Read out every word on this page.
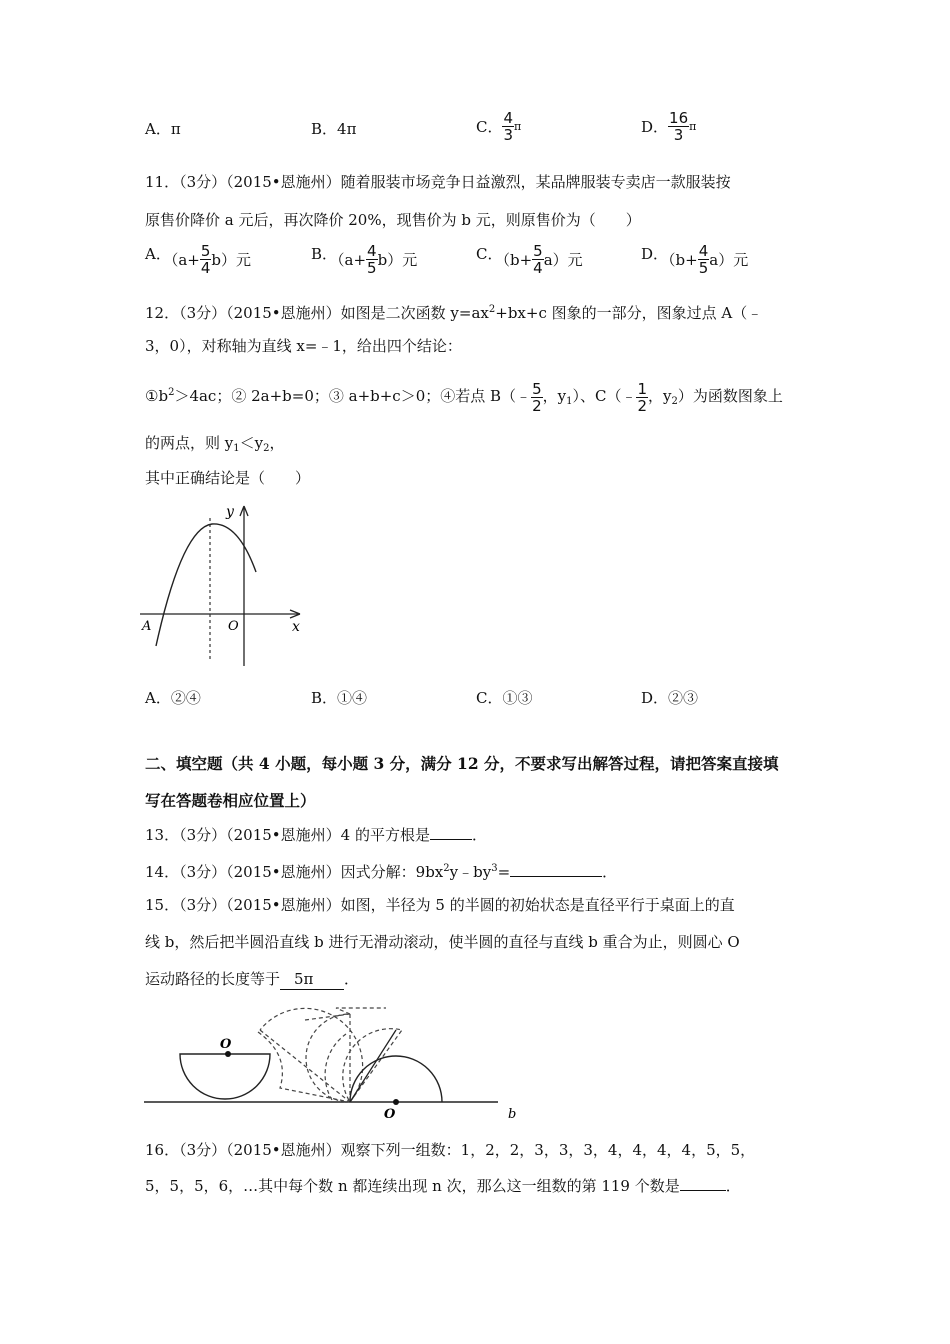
A．π	B．4π	C． $\frac{4}{3}$ π	D． $\frac{16}{3}$ π
11．（3分）（2015•恩施州）随着服装市场竞争日益激烈，某品牌服装专卖店一款服装按
原售价降价 a 元后，再次降价 20%，现售价为 b 元，则原售价为（　　）
A．$(a+ \frac{5}{4} b)$元	B．$(a+ \frac{4}{5} b)$元	C．$(b+ \frac{5}{4} a)$元	D．$(b+ \frac{4}{5} a)$元
12．（3分）（2015•恩施州）如图是二次函数 $y=ax^2+bx+c$ 图象的一部分，图象过点 A（﹣
3，0），对称轴为直线 x=﹣1，给出四个结论：
$①b^2>4ac$；② 2a+b=0；③ a+b+c＞0；④若点 B（﹣ $\frac{5}{2}$ ，$y_1$）、C（﹣ $\frac{1}{2}$ ，$y_2$）为函数图象上
的两点，则 $y_1<y_2$，
其中正确结论是（　　）
y
x
O
A
A．②④	B．①④	C．①③	D．②③
二、填空题（共 4 小题，每小题 3 分，满分 12 分，不要求写出解答过程，请把答案直接填
写在答题卷相应位置上）
13．（3分）（2015•恩施州）4 的平方根是	．
14．（3分）（2015•恩施州）因式分解：$9bx^2y﹣by^3=$	．
15．（3分）（2015•恩施州）如图，半径为 5 的半圆的初始状态是直径平行于桌面上的直
线 b，然后把半圆沿直线 b 进行无滑动滚动，使半圆的直径与直线 b 重合为止，则圆心 O
运动路径的长度等于 5π ．
O
O	b
16．（3分）（2015•恩施州）观察下列一组数：1，2，2，3，3，3，4，4，4，4，5，5，
5，5，5，6，…其中每个数 n 都连续出现 n 次，那么这一组数的第 119 个数是	．
